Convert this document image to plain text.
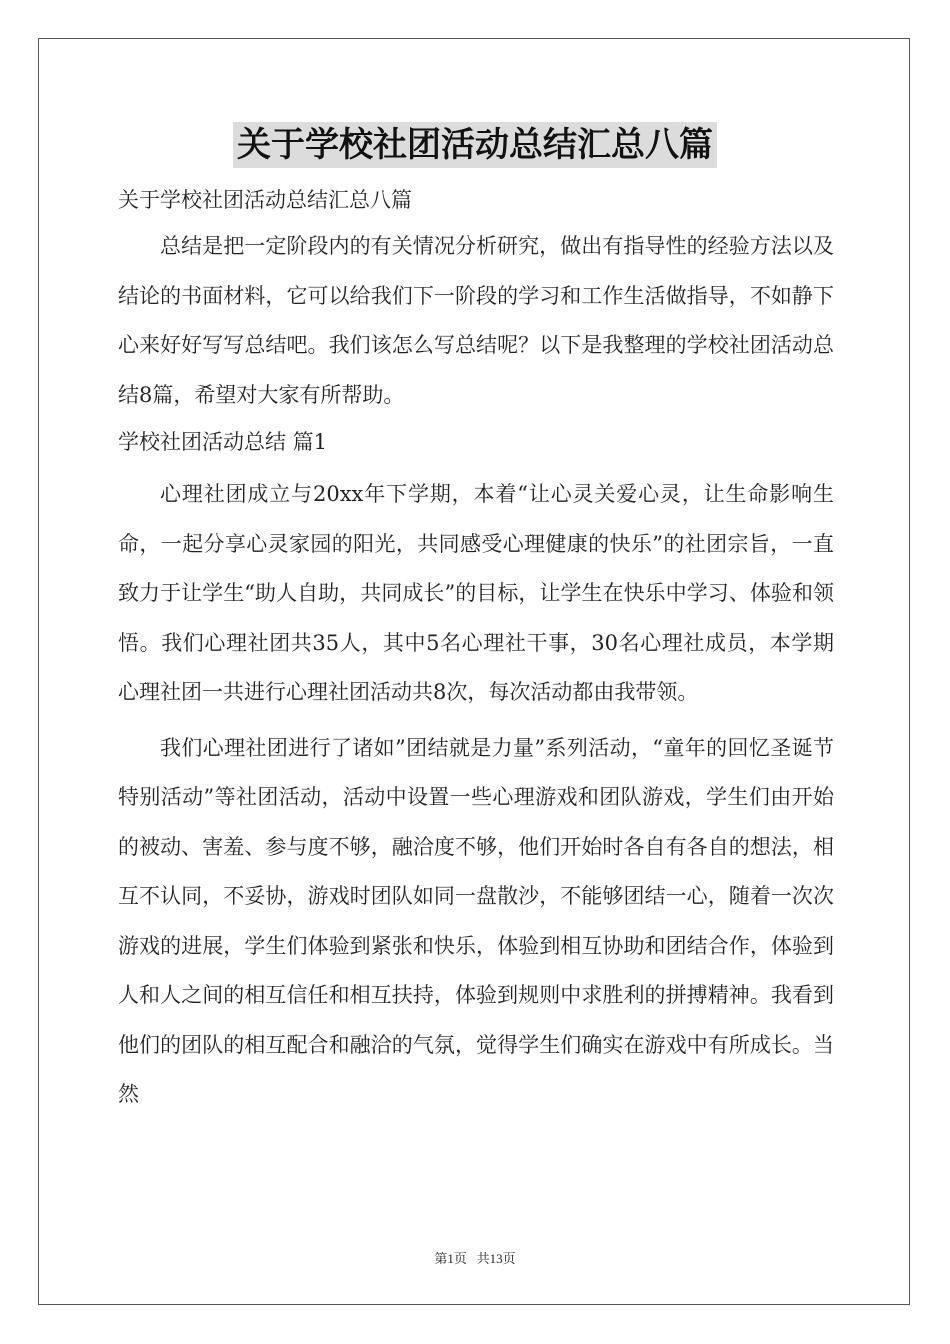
关于学校社团活动总结汇总八篇

关于学校社团活动总结汇总八篇

总结是把一定阶段内的有关情况分析研究，做出有指导性的经验方法以及结论的书面材料，它可以给我们下一阶段的学习和工作生活做指导，不如静下心来好好写写总结吧。我们该怎么写总结呢？以下是我整理的学校社团活动总结8篇，希望对大家有所帮助。

学校社团活动总结 篇1

心理社团成立与20xx年下学期，本着“让心灵关爱心灵，让生命影响生命，一起分享心灵家园的阳光，共同感受心理健康的快乐”的社团宗旨，一直致力于让学生“助人自助，共同成长”的目标，让学生在快乐中学习、体验和领悟。我们心理社团共35人，其中5名心理社干事，30名心理社成员，本学期心理社团一共进行心理社团活动共8次，每次活动都由我带领。

我们心理社团进行了诸如”团结就是力量”系列活动，“童年的回忆圣诞节特别活动”等社团活动，活动中设置一些心理游戏和团队游戏，学生们由开始的被动、害羞、参与度不够，融洽度不够，他们开始时各自有各自的想法，相互不认同，不妥协，游戏时团队如同一盘散沙，不能够团结一心，随着一次次游戏的进展，学生们体验到紧张和快乐，体验到相互协助和团结合作，体验到人和人之间的相互信任和相互扶持，体验到规则中求胜利的拼搏精神。我看到他们的团队的相互配合和融洽的气氛，觉得学生们确实在游戏中有所成长。当然

第1页   共13页
